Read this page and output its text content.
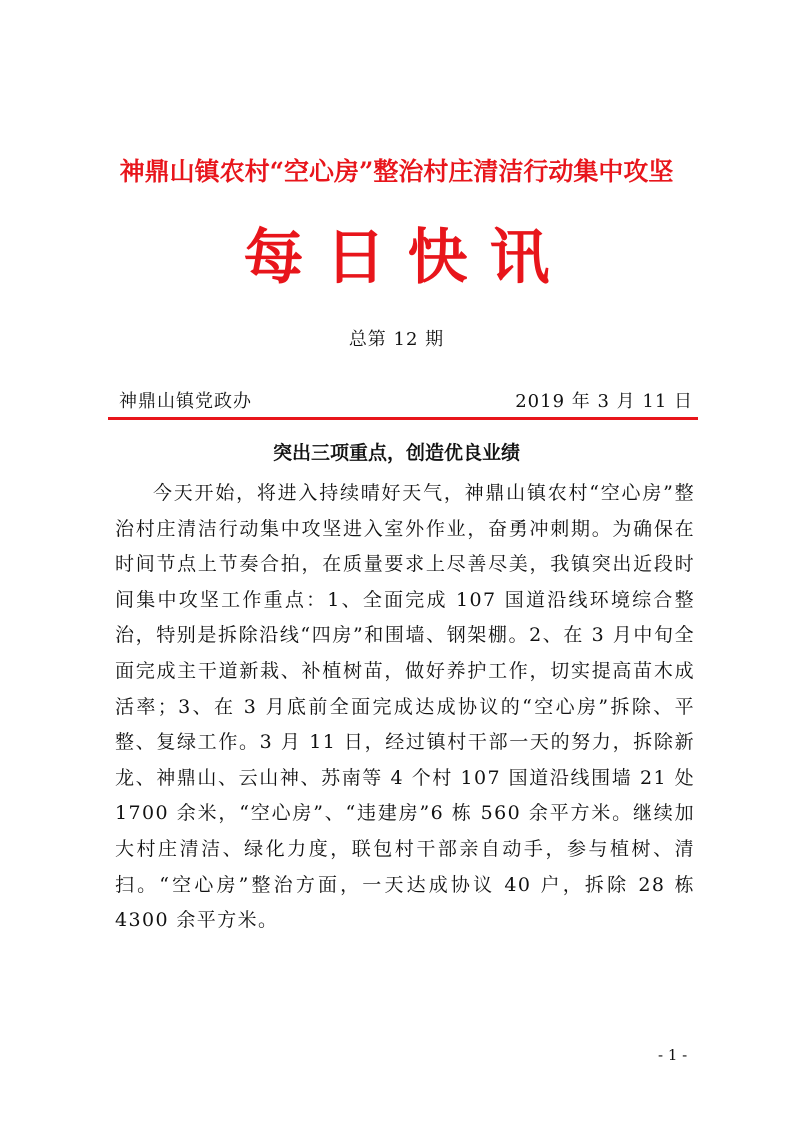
神鼎山镇农村“空心房”整治村庄清洁行动集中攻坚
每日快讯
总第 12 期
神鼎山镇党政办	2019 年 3 月 11 日
突出三项重点，创造优良业绩

今天开始，将进入持续晴好天气，神鼎山镇农村“空心房”整治村庄清洁行动集中攻坚进入室外作业，奋勇冲刺期。为确保在时间节点上节奏合拍，在质量要求上尽善尽美，我镇突出近段时间集中攻坚工作重点：1、全面完成 107 国道沿线环境综合整治，特别是拆除沿线“四房”和围墙、钢架棚。2、在 3 月中旬全面完成主干道新栽、补植树苗，做好养护工作，切实提高苗木成活率；3、在 3 月底前全面完成达成协议的“空心房”拆除、平整、复绿工作。3 月 11 日，经过镇村干部一天的努力，拆除新龙、神鼎山、云山神、苏南等 4 个村 107 国道沿线围墙 21 处 1700 余米，“空心房”、“违建房”6 栋 560 余平方米。继续加大村庄清洁、绿化力度，联包村干部亲自动手，参与植树、清扫。“空心房”整治方面，一天达成协议 40 户，拆除 28 栋 4300 余平方米。

- 1 -
